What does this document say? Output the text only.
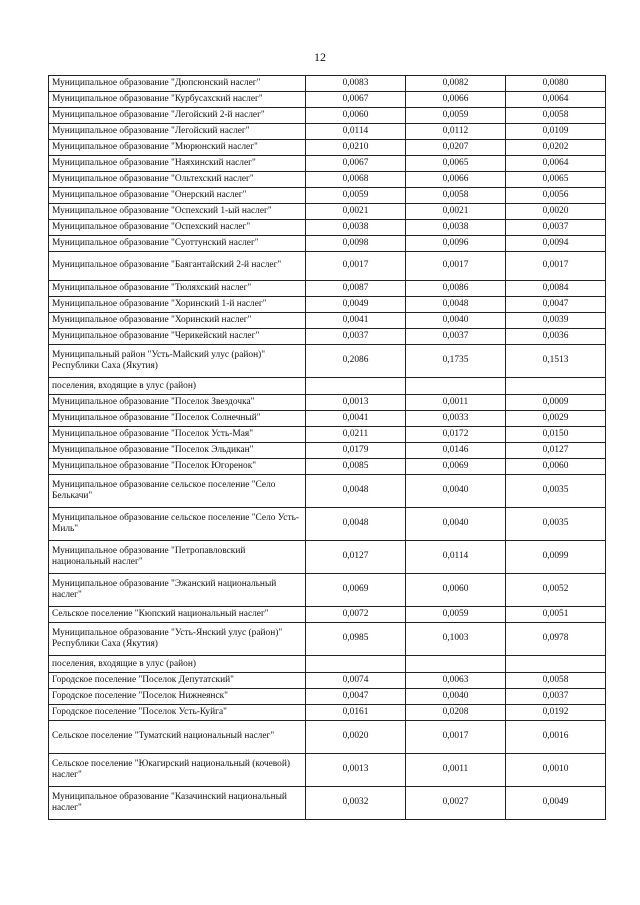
12
Муниципальное образование "Дюпсюнский наслег"	0,0083	0,0082	0,0080
Муниципальное образование "Курбусахский наслег"	0,0067	0,0066	0,0064
Муниципальное образование "Легойский 2-й наслег"	0,0060	0,0059	0,0058
Муниципальное образование "Легойский наслег"	0,0114	0,0112	0,0109
Муниципальное образование "Мюрюнский наслег"	0,0210	0,0207	0,0202
Муниципальное образование "Наяхинский наслег"	0,0067	0,0065	0,0064
Муниципальное образование "Ольтехский наслег"	0,0068	0,0066	0,0065
Муниципальное образование "Онерский наслег"	0,0059	0,0058	0,0056
Муниципальное образование "Оспехский 1-ый наслег"	0,0021	0,0021	0,0020
Муниципальное образование "Оспехский наслег"	0,0038	0,0038	0,0037
Муниципальное образование "Суоттунский наслег"	0,0098	0,0096	0,0094
Муниципальное образование "Баягантайский 2-й наслег"	0,0017	0,0017	0,0017
Муниципальное образование "Тюляхский наслег"	0,0087	0,0086	0,0084
Муниципальное образование "Хоринский 1-й наслег"	0,0049	0,0048	0,0047
Муниципальное образование "Хоринский наслег"	0,0041	0,0040	0,0039
Муниципальное образование "Черикейский наслег"	0,0037	0,0037	0,0036
Муниципальный район "Усть-Майский улус (район)" Республики Саха (Якутия)	0,2086	0,1735	0,1513
поселения, входящие в улус (район)			
Муниципальное образование "Поселок Звездочка"	0,0013	0,0011	0,0009
Муниципальное образование "Поселок Солнечный"	0,0041	0,0033	0,0029
Муниципальное образование "Поселок Усть-Мая"	0,0211	0,0172	0,0150
Муниципальное образование "Поселок Эльдикан"	0,0179	0,0146	0,0127
Муниципальное образование "Поселок Югоренок"	0,0085	0,0069	0,0060
Муниципальное образование сельское поселение "Село Белькачи"	0,0048	0,0040	0,0035
Муниципальное образование сельское поселение "Село Усть-Миль"	0,0048	0,0040	0,0035
Муниципальное образование "Петропавловский национальный наслег"	0,0127	0,0114	0,0099
Муниципальное образование "Эжанский национальный наслег"	0,0069	0,0060	0,0052
Сельское поселение "Кюпский национальный наслег"	0,0072	0,0059	0,0051
Муниципальное образование "Усть-Янский улус (район)" Республики Саха (Якутия)	0,0985	0,1003	0,0978
поселения, входящие в улус (район)			
Городское поселение "Поселок Депутатский"	0,0074	0,0063	0,0058
Городское поселение "Поселок Нижнеянск"	0,0047	0,0040	0,0037
Городское поселение "Поселок Усть-Куйга"	0,0161	0,0208	0,0192
Сельское поселение "Туматский национальный наслег"	0,0020	0,0017	0,0016
Сельское поселение "Юкагирский национальный (кочевой) наслег"	0,0013	0,0011	0,0010
Муниципальное образование "Казачинский национальный наслег"	0,0032	0,0027	0,0049
